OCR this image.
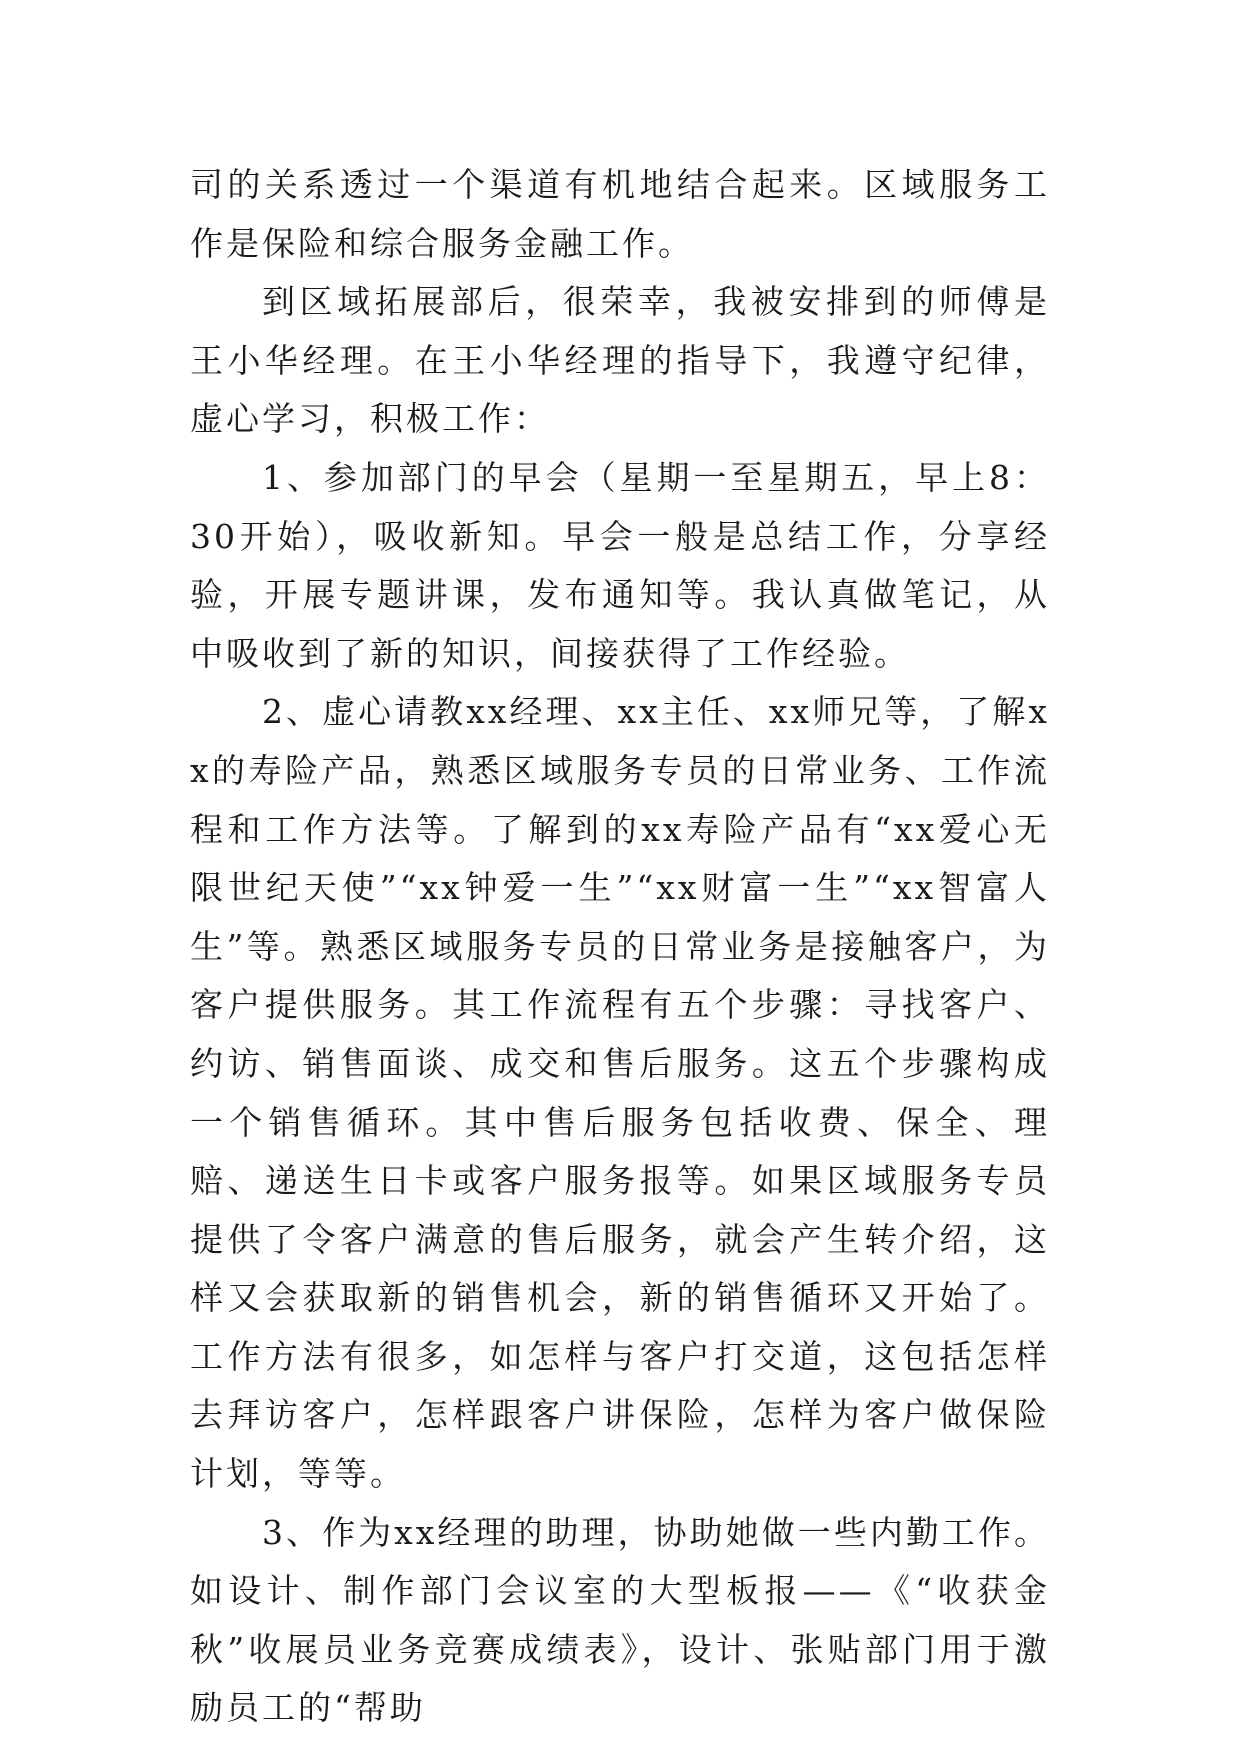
司的关系透过一个渠道有机地结合起来。区域服务工作是保险和综合服务金融工作。

到区域拓展部后，很荣幸，我被安排到的师傅是王小华经理。在王小华经理的指导下，我遵守纪律，虚心学习，积极工作：

1、参加部门的早会（星期一至星期五，早上8：30开始），吸收新知。早会一般是总结工作，分享经验，开展专题讲课，发布通知等。我认真做笔记，从中吸收到了新的知识，间接获得了工作经验。

2、虚心请教xx经理、xx主任、xx师兄等，了解xx的寿险产品，熟悉区域服务专员的日常业务、工作流程和工作方法等。了解到的xx寿险产品有“xx爱心无限世纪天使”“xx钟爱一生”“xx财富一生”“xx智富人生”等。熟悉区域服务专员的日常业务是接触客户，为客户提供服务。其工作流程有五个步骤：寻找客户、约访、销售面谈、成交和售后服务。这五个步骤构成一个销售循环。其中售后服务包括收费、保全、理赔、递送生日卡或客户服务报等。如果区域服务专员提供了令客户满意的售后服务，就会产生转介绍，这样又会获取新的销售机会，新的销售循环又开始了。工作方法有很多，如怎样与客户打交道，这包括怎样去拜访客户，怎样跟客户讲保险，怎样为客户做保险计划，等等。

3、作为xx经理的助理，协助她做一些内勤工作。如设计、制作部门会议室的大型板报——《“收获金秋”收展员业务竞赛成绩表》，设计、张贴部门用于激励员工的“帮助
